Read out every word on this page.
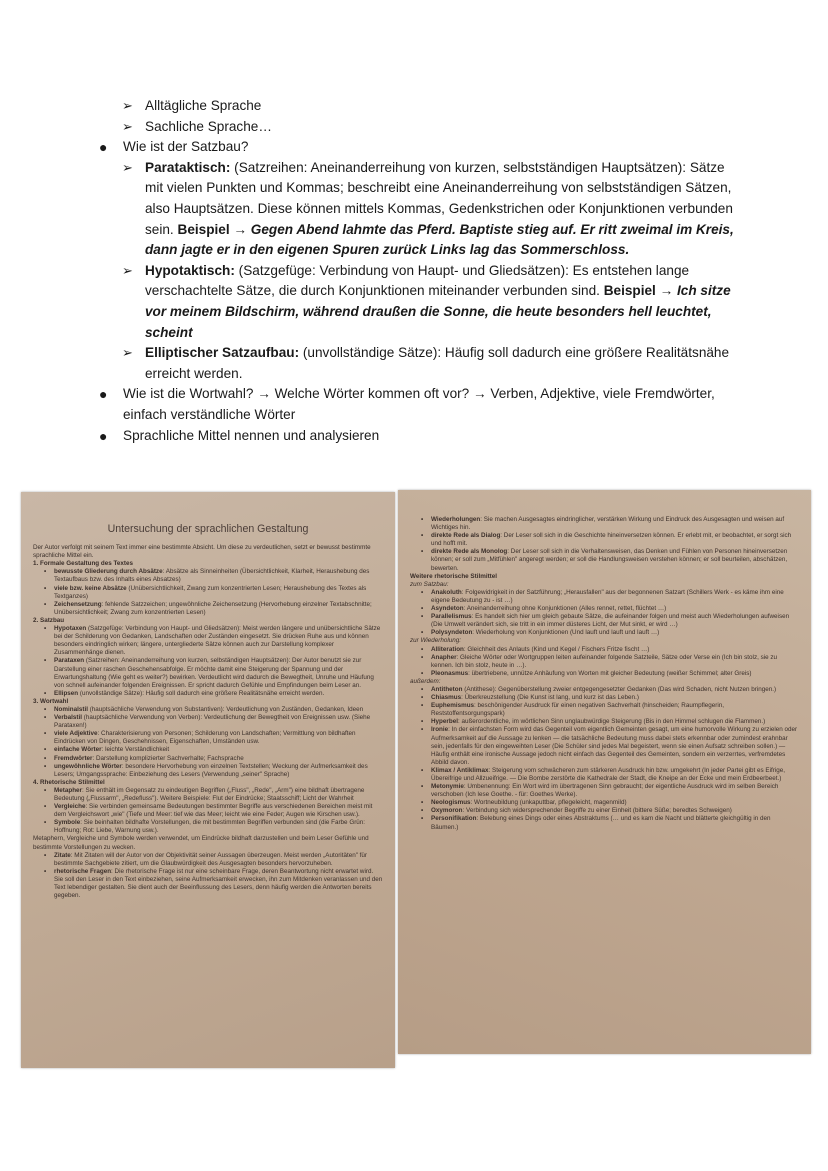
➢ Alltägliche Sprache
➢ Sachliche Sprache…
● Wie ist der Satzbau?
➢ Parataktisch: (Satzreihen: Aneinanderreihung von kurzen, selbstständigen Hauptsätzen): Sätze mit vielen Punkten und Kommas; beschreibt eine Aneinanderreihung von selbstständigen Sätzen, also Hauptsätzen. Diese können mittels Kommas, Gedenkstrichen oder Konjunktionen verbunden sein. Beispiel → Gegen Abend lahmte das Pferd. Baptiste stieg auf. Er ritt zweimal im Kreis, dann jagte er in den eigenen Spuren zurück Links lag das Sommerschloss.
➢ Hypotaktisch: (Satzgefüge: Verbindung von Haupt- und Gliedsätzen): Es entstehen lange verschachtelte Sätze, die durch Konjunktionen miteinander verbunden sind. Beispiel → Ich sitze vor meinem Bildschirm, während draußen die Sonne, die heute besonders hell leuchtet, scheint
➢ Elliptischer Satzaufbau: (unvollständige Sätze): Häufig soll dadurch eine größere Realitätsnähe erreicht werden.
● Wie ist die Wortwahl? → Welche Wörter kommen oft vor? → Verben, Adjektive, viele Fremdwörter, einfach verständliche Wörter
● Sprachliche Mittel nennen und analysieren
Untersuchung der sprachlichen Gestaltung

Der Autor verfolgt mit seinem Text immer eine bestimmte Absicht. Um diese zu verdeutlichen, setzt er bewusst bestimmte sprachliche Mittel ein.

1. Formale Gestaltung des Textes

• bewusste Gliederung durch Absätze: Absätze als Sinneinheiten (Übersichtlichkeit, Klarheit, Heraushebung des Textaufbaus bzw. des Inhalts eines Absatzes)

• viele bzw. keine Absätze (Unübersichtlichkeit, Zwang zum konzentrierten Lesen; Heraushebung des Textes als Textganzes)

• Zeichensetzung: fehlende Satzzeichen; ungewöhnliche Zeichensetzung (Hervorhebung einzelner Textabschnitte; Unübersichtlichkeit; Zwang zum konzentrierten Lesen)

2. Satzbau

• Hypotaxen (Satzgefüge: Verbindung von Haupt- und Gliedsätzen): Meist werden längere und unübersichtliche Sätze bei der Schilderung von Gedanken, Landschaften oder Zuständen eingesetzt. Sie drücken Ruhe aus und können besonders eindringlich wirken; längere, untergliederte Sätze können auch zur Darstellung komplexer Zusammenhänge dienen.

• Parataxen (Satzreihen: Aneinanderreihung von kurzen, selbständigen Hauptsätzen): Der Autor benutzt sie zur Darstellung einer raschen Geschehensabfolge. Er möchte damit eine Steigerung der Spannung und der Erwartungshaltung (Wie geht es weiter?) bewirken. Verdeutlicht wird dadurch die Bewegtheit, Unruhe und Häufung von schnell aufeinander folgenden Ereignissen. Er spricht dadurch Gefühle und Empfindungen beim Leser an.

• Ellipsen (unvollständige Sätze): Häufig soll dadurch eine größere Realitätsnähe erreicht werden.

3. Wortwahl

• Nominalstil (hauptsächliche Verwendung von Substantiven): Verdeutlichung von Zuständen, Gedanken, Ideen

• Verbalstil (hauptsächliche Verwendung von Verben): Verdeutlichung der Bewegtheit von Ereignissen usw. (Siehe Parataxen!)

• viele Adjektive: Charakterisierung von Personen; Schilderung von Landschaften; Vermittlung von bildhaften Eindrücken von Dingen, Geschehnissen, Eigenschaften, Umständen usw.

• einfache Wörter: leichte Verständlichkeit

• Fremdwörter: Darstellung komplizierter Sachverhalte; Fachsprache

• ungewöhnliche Wörter: besondere Hervorhebung von einzelnen Textstellen; Weckung der Aufmerksamkeit des Lesers; Umgangssprache: Einbeziehung des Lesers (Verwendung „seiner" Sprache)

4. Rhetorische Stilmittel

• Metapher: Sie enthält im Gegensatz zu eindeutigen Begriffen („Fluss", „Rede", „Arm") eine bildhaft übertragene Bedeutung („Flussarm", „Redefluss"). Weitere Beispiele: Flut der Eindrücke; Staatsschiff; Licht der Wahrheit

• Vergleiche: Sie verbinden gemeinsame Bedeutungen bestimmter Begriffe aus verschiedenen Bereichen meist mit dem Vergleichswort „wie" (Tiefe und Meer: tief wie das Meer; leicht wie eine Feder; Augen wie Kirschen usw.).

• Symbole: Sie beinhalten bildhafte Vorstellungen, die mit bestimmten Begriffen verbunden sind (die Farbe Grün: Hoffnung; Rot: Liebe, Warnung usw.).

Metaphern, Vergleiche und Symbole werden verwendet, um Eindrücke bildhaft darzustellen und beim Leser Gefühle und bestimmte Vorstellungen zu wecken.

• Zitate: Mit Zitaten will der Autor von der Objektivität seiner Aussagen überzeugen. Meist werden „Autoritäten" für bestimmte Sachgebiete zitiert, um die Glaubwürdigkeit des Ausgesagten besonders hervorzuheben.

• rhetorische Fragen: Die rhetorische Frage ist nur eine scheinbare Frage, deren Beantwortung nicht erwartet wird. Sie soll den Leser in den Text einbeziehen, seine Aufmerksamkeit erwecken, ihn zum Mitdenken veranlassen und den Text lebendiger gestalten. Sie dient auch der Beeinflussung des Lesers, denn häufig werden die Antworten bereits gegeben.

• Wiederholungen: Sie machen Ausgesagtes eindringlicher, verstärken Wirkung und Eindruck des Ausgesagten und weisen auf Wichtiges hin.

• direkte Rede als Dialog: Der Leser soll sich in die Geschichte hineinversetzen können. Er erlebt mit, er beobachtet, er sorgt sich und hofft mit.

• direkte Rede als Monolog: Der Leser soll sich in die Verhaltensweisen, das Denken und Fühlen von Personen hineinversetzen können; er soll zum „Mitfühlen" angeregt werden; er soll die Handlungsweisen verstehen können; er soll beurteilen, abschätzen, bewerten.

Weitere rhetorische Stilmittel

zum Satzbau:

• Anakoluth: Folgewidrigkeit in der Satzführung; „Herausfallen" aus der begonnenen Satzart (Schillers Werk - es käme ihm eine eigene Bedeutung zu - ist …)

• Asyndeton: Aneinanderreihung ohne Konjunktionen (Alles rennet, rettet, flüchtet …)

• Parallelismus: Es handelt sich hier um gleich gebaute Sätze, die aufeinander folgen und meist auch Wiederholungen aufweisen (Die Umwelt verändert sich, sie tritt in ein immer düsteres Licht, der Mut sinkt, er wird …)

• Polysyndeton: Wiederholung von Konjunktionen (Und lauft und lauft und lauft …)

zur Wiederholung:

• Alliteration: Gleichheit des Anlauts (Kind und Kegel / Fischers Fritze fischt …)

• Anapher: Gleiche Wörter oder Wortgruppen leiten aufeinander folgende Satzteile, Sätze oder Verse ein (Ich bin stolz, sie zu kennen. Ich bin stolz, heute in …).

• Pleonasmus: übertriebene, unnütze Anhäufung von Worten mit gleicher Bedeutung (weißer Schimmel; alter Greis)

außerdem:

• Antitheton (Antithese): Gegenüberstellung zweier entgegengesetzter Gedanken (Das wird Schaden, nicht Nutzen bringen.)

• Chiasmus: Überkreuzstellung (Die Kunst ist lang, und kurz ist das Leben.)

• Euphemismus: beschönigender Ausdruck für einen negativen Sachverhalt (hinscheiden; Raumpflegerin, Reststoffentsorgungspark)

• Hyperbel: außerordentliche, im wörtlichen Sinn unglaubwürdige Steigerung (Bis in den Himmel schlugen die Flammen.)

• Ironie: In der einfachsten Form wird das Gegenteil vom eigentlich Gemeinten gesagt, um eine humorvolle Wirkung zu erzielen oder Aufmerksamkeit auf die Aussage zu lenken — die tatsächliche Bedeutung muss dabei stets erkennbar oder zumindest erahnbar sein, jedenfalls für den eingeweihten Leser (Die Schüler sind jedes Mal begeistert, wenn sie einen Aufsatz schreiben sollen.) — Häufig enthält eine ironische Aussage jedoch nicht einfach das Gegenteil des Gemeinten, sondern ein verzerrtes, verfremdetes Abbild davon.

• Klimax / Antiklimax: Steigerung vom schwächeren zum stärkeren Ausdruck hin bzw. umgekehrt (In jeder Partei gibt es Eifrige, Übereifrige und Allzueifrige. — Die Bombe zerstörte die Kathedrale der Stadt, die Kneipe an der Ecke und mein Erdbeerbeet.)

• Metonymie: Umbenennung: Ein Wort wird im übertragenen Sinn gebraucht; der eigentliche Ausdruck wird im selben Bereich verschoben (Ich lese Goethe. - für: Goethes Werke).

• Neologismus: Wortneubildung (unkaputtbar, pflegeleicht, magenmild)

• Oxymoron: Verbindung sich widersprechender Begriffe zu einer Einheit (bittere Süße; beredtes Schweigen)

• Personifikation: Belebung eines Dings oder eines Abstraktums (… und es kam die Nacht und blätterte gleichgültig in den Bäumen.)
